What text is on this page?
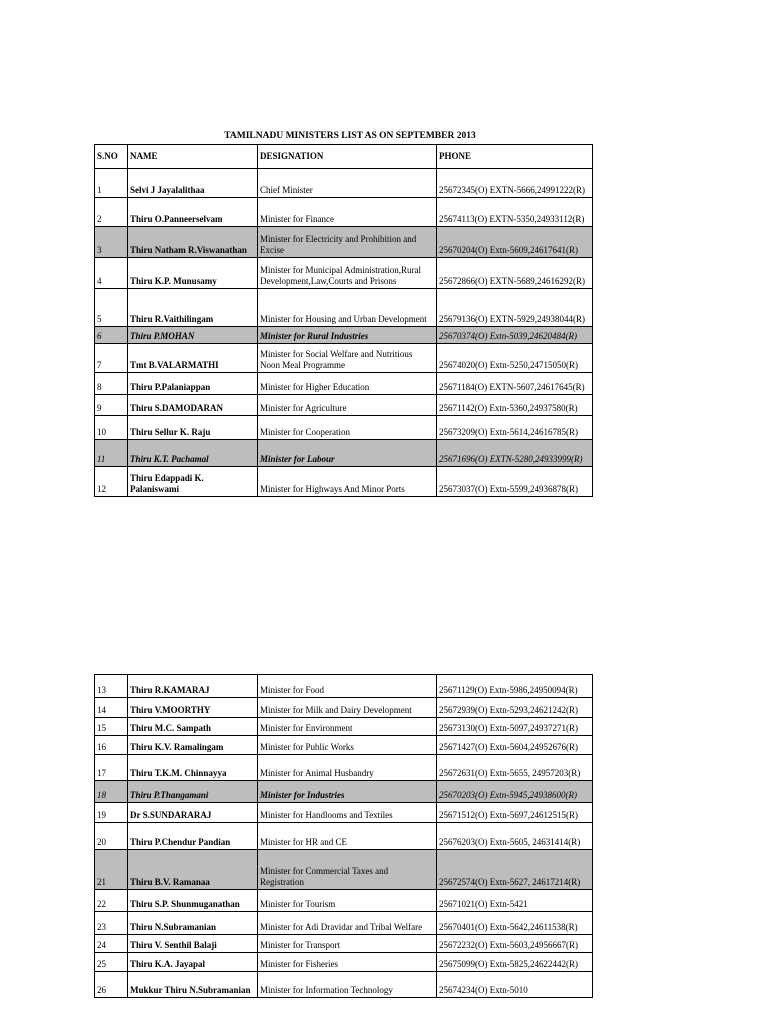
TAMILNADU MINISTERS LIST AS ON SEPTEMBER 2013
S.NO	NAME	DESIGNATION	PHONE
1	Selvi J Jayalalithaa	Chief Minister	25672345(O) EXTN-5666,24991222(R)
2	Thiru O.Panneerselvam	Minister for Finance	25674113(O) EXTN-5350,24933112(R)
3	Thiru Natham R.Viswanathan	Minister for Electricity and Prohibition and Excise	25670204(O) Extn-5609,24617641(R)
4	Thiru K.P. Munusamy	Minister for Municipal Administration,Rural Development,Law,Courts and Prisons	25672866(O) EXTN-5689,24616292(R)
5	Thiru R.Vaithilingam	Minister for Housing and Urban Development	25679136(O) EXTN-5929,24938044(R)
6	Thiru P.MOHAN	Minister for Rural Industries	25670374(O) Extn-5039,24620484(R)
7	Tmt B.VALARMATHI	Minister for Social Welfare and Nutritious Noon Meal Programme	25674020(O) Extn-5250,24715050(R)
8	Thiru P.Palaniappan	Minister for Higher Education	25671184(O) EXTN-5607,24617645(R)
9	Thiru S.DAMODARAN	Minister for Agriculture	25671142(O) Extn-5360,24937580(R)
10	Thiru Sellur K. Raju	Minister for Cooperation	25673209(O) Extn-5614,24616785(R)
11	Thiru K.T. Pachamal	Minister for Labour	25671696(O) EXTN-5280,24933999(R)
12	Thiru Edappadi K. Palaniswami	Minister for Highways And Minor Ports	25673037(O) Extn-5599,24936878(R)
13	Thiru R.KAMARAJ	Minister for Food	25671129(O) Extn-5986,24950094(R)
14	Thiru V.MOORTHY	Minister for Milk and Dairy Development	25672939(O) Extn-5293,24621242(R)
15	Thiru M.C. Sampath	Minister for Environment	25673130(O) Extn-5097,24937271(R)
16	Thiru K.V. Ramalingam	Minister for Public Works	25671427(O) Extn-5604,24952676(R)
17	Thiru T.K.M. Chinnayya	Minister for Animal Husbandry	25672631(O) Extn-5655, 24957203(R)
18	Thiru P.Thangamani	Minister for Industries	25670203(O) Extn-5945,24938600(R)
19	Dr S.SUNDARARAJ	Minister for Handlooms and Textiles	25671512(O) Extn-5697,24612515(R)
20	Thiru P.Chendur Pandian	Minister for HR and CE	25676203(O) Extn-5605, 24631414(R)
21	Thiru B.V. Ramanaa	Minister for Commercial Taxes and Registration	25672574(O) Extn-5627, 24617214(R)
22	Thiru S.P. Shunmuganathan	Minister for Tourism	25671021(O) Extn-5421
23	Thiru N.Subramanian	Minister for Adi Dravidar and Tribal Welfare	25670401(O) Extn-5642,24611538(R)
24	Thiru V. Senthil Balaji	Minister for Transport	25672232(O) Extn-5603,24956667(R)
25	Thiru K.A. Jayapal	Minister for Fisheries	25675099(O) Extn-5825,24622442(R)
26	Mukkur Thiru N.Subramanian	Minister for Information Technology	25674234(O) Extn-5010
